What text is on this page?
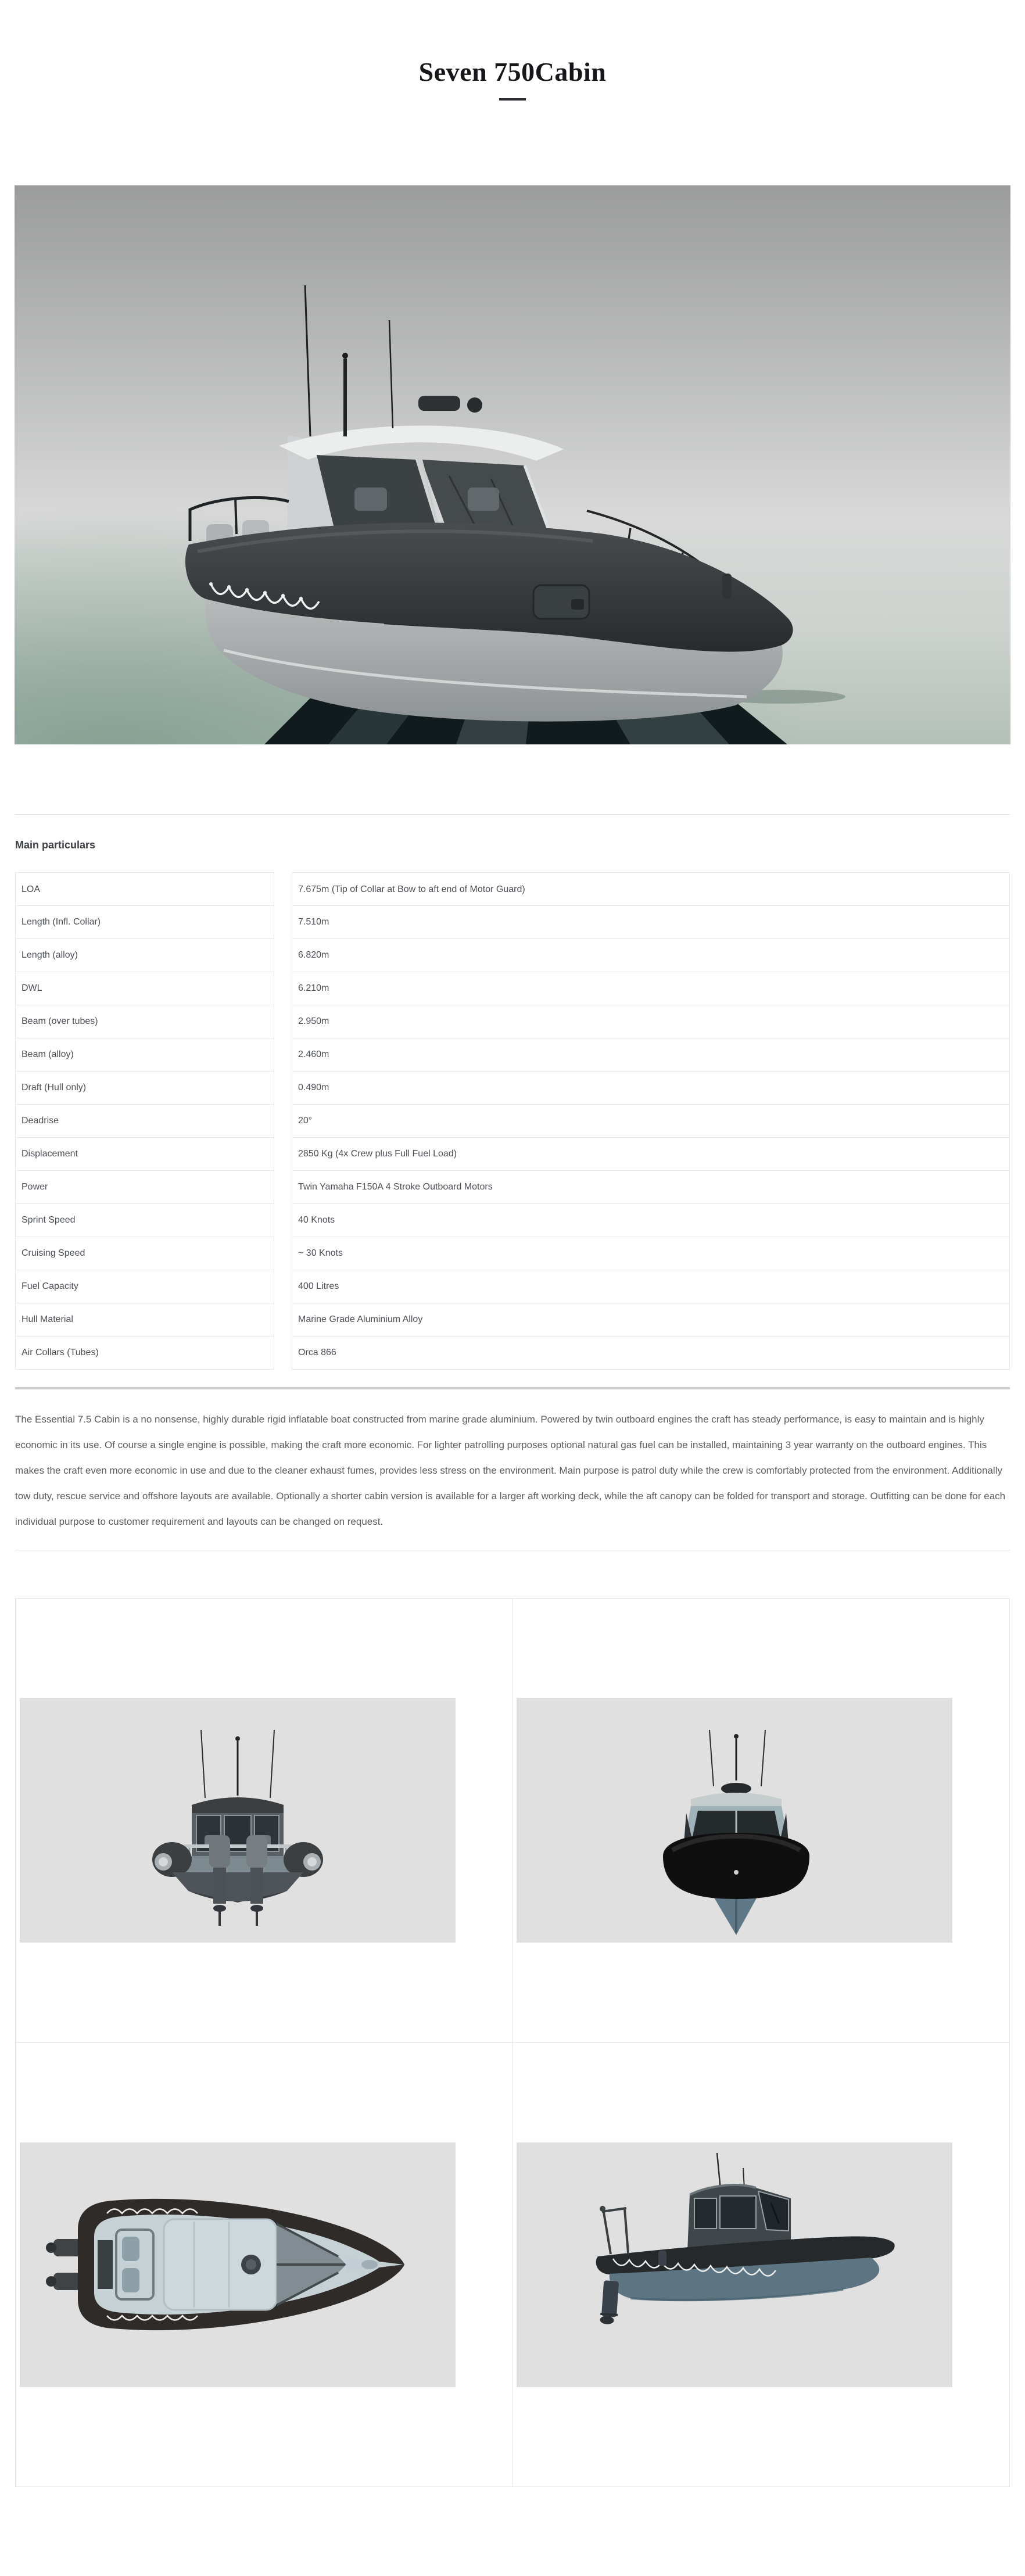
Seven 750Cabin
Main particulars
LOA	7.675m (Tip of Collar at Bow to aft end of Motor Guard)
Length (Infl. Collar)	7.510m
Length (alloy)	6.820m
DWL	6.210m
Beam (over tubes)	2.950m
Beam (alloy)	2.460m
Draft (Hull only)	0.490m
Deadrise	20°
Displacement	2850 Kg (4x Crew plus Full Fuel Load)
Power	Twin Yamaha F150A 4 Stroke Outboard Motors
Sprint Speed	40 Knots
Cruising Speed	~ 30 Knots
Fuel Capacity	400 Litres
Hull Material	Marine Grade Aluminium Alloy
Air Collars (Tubes)	Orca 866

The Essential 7.5 Cabin is a no nonsense, highly durable rigid inflatable boat constructed from marine grade aluminium. Powered by twin outboard engines the craft has steady performance, is easy to maintain and is highly economic in its use. Of course a single engine is possible, making the craft more economic. For lighter patrolling purposes optional natural gas fuel can be installed, maintaining 3 year warranty on the outboard engines. This makes the craft even more economic in use and due to the cleaner exhaust fumes, provides less stress on the environment. Main purpose is patrol duty while the crew is comfortably protected from the environment. Additionally tow duty, rescue service and offshore layouts are available. Optionally a shorter cabin version is available for a larger aft working deck, while the aft canopy can be folded for transport and storage. Outfitting can be done for each individual purpose to customer requirement and layouts can be changed on request.
